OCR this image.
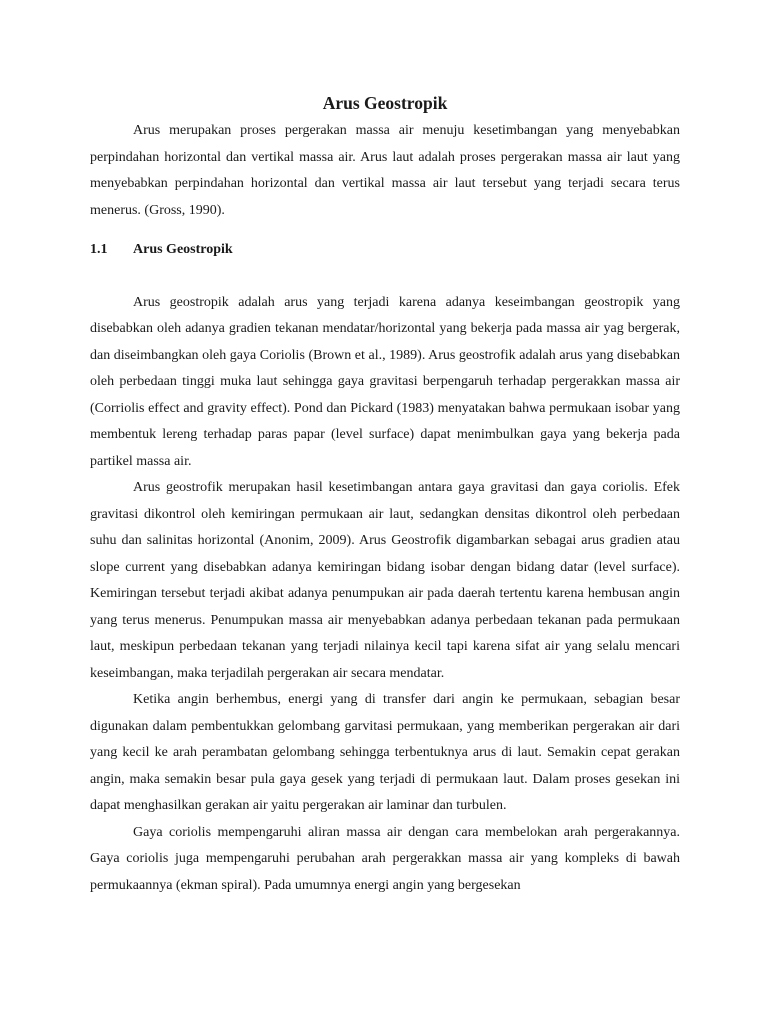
Arus Geostropik

Arus merupakan proses pergerakan massa air menuju kesetimbangan yang menyebabkan perpindahan horizontal dan vertikal massa air. Arus laut adalah proses pergerakan massa air laut yang menyebabkan perpindahan horizontal dan vertikal massa air laut tersebut yang terjadi secara terus menerus. (Gross, 1990).

1.1	Arus Geostropik

Arus geostropik adalah arus yang terjadi karena adanya keseimbangan geostropik yang disebabkan oleh adanya gradien tekanan mendatar/horizontal yang bekerja pada massa air yag bergerak, dan diseimbangkan oleh gaya Coriolis (Brown et al., 1989). Arus geostrofik adalah arus yang disebabkan oleh perbedaan tinggi muka laut sehingga gaya gravitasi berpengaruh terhadap pergerakkan massa air (Corriolis effect and gravity effect). Pond dan Pickard (1983) menyatakan bahwa permukaan isobar yang membentuk lereng terhadap paras papar (level surface) dapat menimbulkan gaya yang bekerja pada partikel massa air.

Arus geostrofik merupakan hasil kesetimbangan antara gaya gravitasi dan gaya coriolis. Efek gravitasi dikontrol oleh kemiringan permukaan air laut, sedangkan densitas dikontrol oleh perbedaan suhu dan salinitas horizontal (Anonim, 2009). Arus Geostrofik digambarkan sebagai arus gradien atau slope current yang disebabkan adanya kemiringan bidang isobar dengan bidang datar (level surface). Kemiringan tersebut terjadi akibat adanya penumpukan air pada daerah tertentu karena hembusan angin yang terus menerus. Penumpukan massa air menyebabkan adanya perbedaan tekanan pada permukaan laut, meskipun perbedaan tekanan yang terjadi nilainya kecil tapi karena sifat air yang selalu mencari keseimbangan, maka terjadilah pergerakan air secara mendatar.

Ketika angin berhembus, energi yang di transfer dari angin ke permukaan, sebagian besar digunakan dalam pembentukkan gelombang garvitasi permukaan, yang memberikan pergerakan air dari yang kecil ke arah perambatan gelombang sehingga terbentuknya arus di laut. Semakin cepat gerakan angin, maka semakin besar pula gaya gesek yang terjadi di permukaan laut. Dalam proses gesekan ini dapat menghasilkan gerakan air yaitu pergerakan air laminar dan turbulen.

Gaya coriolis mempengaruhi aliran massa air dengan cara membelokan arah pergerakannya. Gaya coriolis juga mempengaruhi perubahan arah pergerakkan massa air yang kompleks di bawah permukaannya (ekman spiral). Pada umumnya energi angin yang bergesekan
